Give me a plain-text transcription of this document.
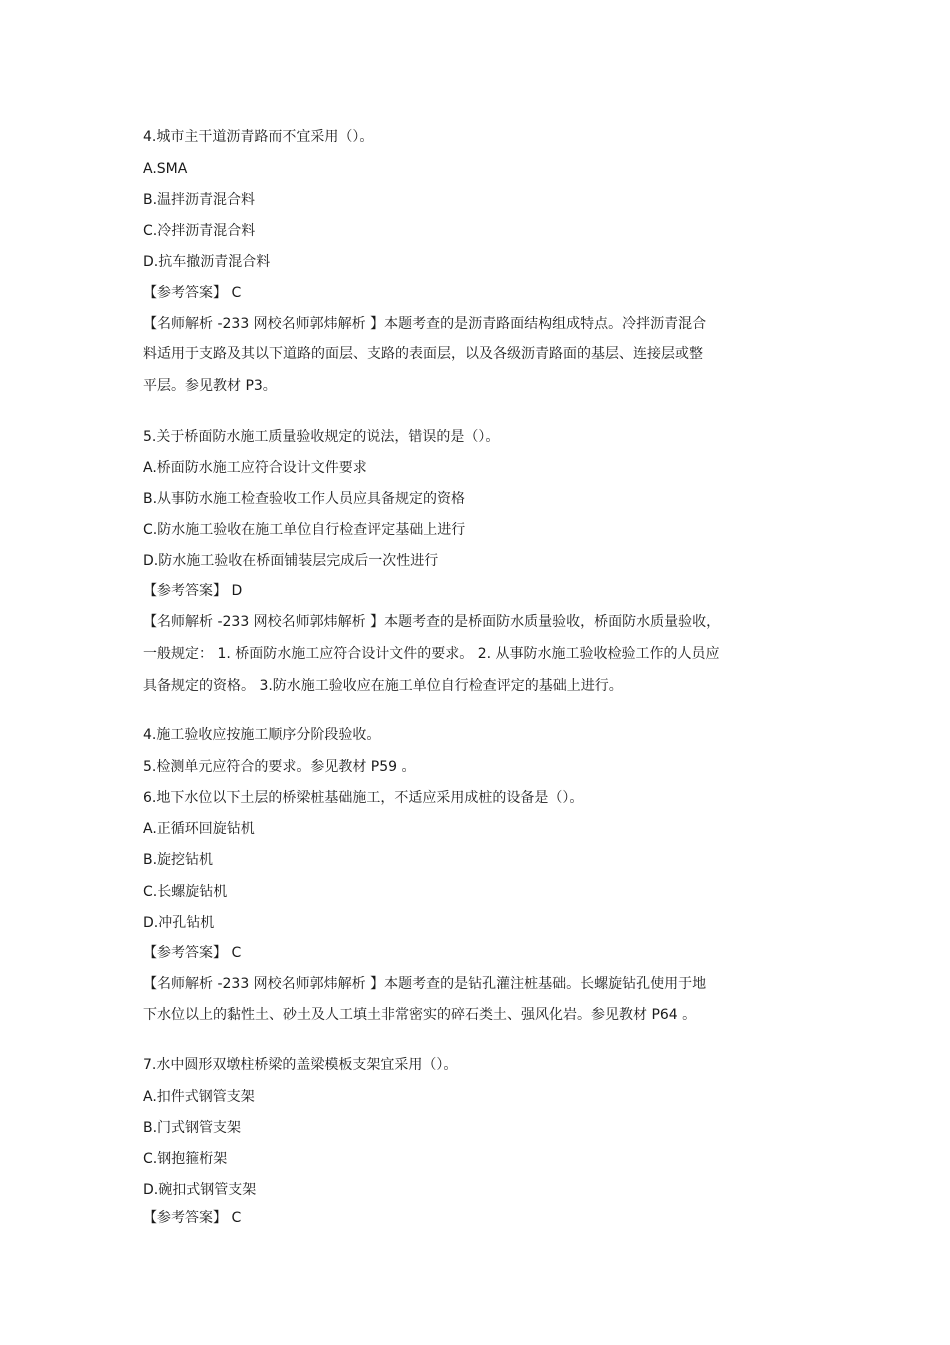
4.城市主干道沥青路而不宜采用（）。
A.SMA
B.温拌沥青混合料
C.冷拌沥青混合料
D.抗车撤沥青混合料
【参考答案】 C
【名师解析 -233 网校名师郭炜解析 】本题考查的是沥青路面结构组成特点。冷拌沥青混合
料适用于支路及其以下道路的面层、支路的表面层，以及各级沥青路面的基层、连接层或整
平层。参见教材 P3。
5.关于桥面防水施工质量验收规定的说法，错误的是（）。
A.桥面防水施工应符合设计文件要求
B.从事防水施工检查验收工作人员应具备规定的资格
C.防水施工验收在施工单位自行检查评定基础上进行
D.防水施工验收在桥面铺装层完成后一次性进行
【参考答案】 D
【名师解析 -233 网校名师郭炜解析 】本题考查的是桥面防水质量验收，桥面防水质量验收，
一般规定： 1. 桥面防水施工应符合设计文件的要求。 2. 从事防水施工验收检验工作的人员应
具备规定的资格。 3.防水施工验收应在施工单位自行检查评定的基础上进行。
4.施工验收应按施工顺序分阶段验收。
5.检测单元应符合的要求。参见教材 P59 。
6.地下水位以下土层的桥梁桩基础施工，不适应采用成桩的设备是（）。
A.正循环回旋钻机
B.旋挖钻机
C.长螺旋钻机
D.冲孔钻机
【参考答案】 C
【名师解析 -233 网校名师郭炜解析 】本题考查的是钻孔灌注桩基础。长螺旋钻孔使用于地
下水位以上的黏性土、砂土及人工填土非常密实的碎石类土、强风化岩。参见教材 P64 。
7.水中圆形双墩柱桥梁的盖梁模板支架宜采用（）。
A.扣件式钢管支架
B.门式钢管支架
C.钢抱箍桁架
D.碗扣式钢管支架
【参考答案】 C
